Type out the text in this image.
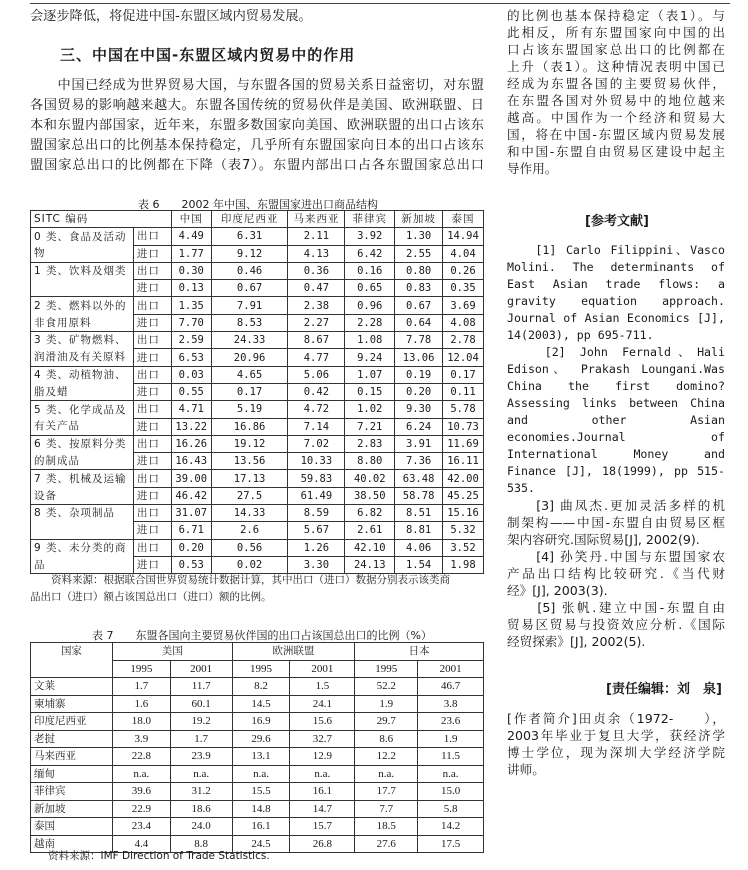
会逐步降低，将促进中国-东盟区域内贸易发展。
三、中国在中国-东盟区域内贸易中的作用
　　中国已经成为世界贸易大国，与东盟各国的贸易关系日益密切，对东盟
各国贸易的影响越来越大。东盟各国传统的贸易伙伴是美国、欧洲联盟、日
本和东盟内部国家，近年来，东盟多数国家向美国、欧洲联盟的出口占该东
盟国家总出口的比例基本保持稳定，几乎所有东盟国家向日本的出口占该东
盟国家总出口的比例都在下降（表7）。东盟内部出口占各东盟国家总出口
表 6　　2002 年中国、东盟国家进出口商品结构
SITC 编码		中国	印度尼西亚	马来西亚	菲律宾	新加坡	泰国
0 类、食品及活动	出口	4.49	6.31	2.11	3.92	1.30	14.94
物	进口	1.77	9.12	4.13	6.42	2.55	4.04
1 类、饮料及烟类	出口	0.30	0.46	0.36	0.16	0.80	0.26
	进口	0.13	0.67	0.47	0.65	0.83	0.35
2 类、燃料以外的	出口	1.35	7.91	2.38	0.96	0.67	3.69
非食用原料	进口	7.70	8.53	2.27	2.28	0.64	4.08
3 类、矿物燃料、	出口	2.59	24.33	8.67	1.08	7.78	2.78
润滑油及有关原料	进口	6.53	20.96	4.77	9.24	13.06	12.04
4 类、动植物油、	出口	0.03	4.65	5.06	1.07	0.19	0.17
脂及蜡	进口	0.55	0.17	0.42	0.15	0.20	0.11
5 类、化学成品及	出口	4.71	5.19	4.72	1.02	9.30	5.78
有关产品	进口	13.22	16.86	7.14	7.21	6.24	10.73
6 类、按原料分类	出口	16.26	19.12	7.02	2.83	3.91	11.69
的制成品	进口	16.43	13.56	10.33	8.80	7.36	16.11
7 类、机械及运输	出口	39.00	17.13	59.83	40.02	63.48	42.00
设备	进口	46.42	27.5	61.49	38.50	58.78	45.25
8 类、杂项制品	出口	31.07	14.33	8.59	6.82	8.51	15.16
	进口	6.71	2.6	5.67	2.61	8.81	5.32
9 类、未分类的商	出口	0.20	0.56	1.26	42.10	4.06	3.52
品	进口	0.53	0.02	3.30	24.13	1.54	1.98
　　资料来源：根据联合国世界贸易统计数据计算，其中出口（进口）数据分别表示该类商
品出口（进口）额占该国总出口（进口）额的比例。
表 7　　东盟各国向主要贸易伙伴国的出口占该国总出口的比例（%）
国家	美国		欧洲联盟		日本	
	1995	2001	1995	2001	1995	2001
文莱	1.7	11.7	8.2	1.5	52.2	46.7
柬埔寨	1.6	60.1	14.5	24.1	1.9	3.8
印度尼西亚	18.0	19.2	16.9	15.6	29.7	23.6
老挝	3.9	1.7	29.6	32.7	8.6	1.9
马来西亚	22.8	23.9	13.1	12.9	12.2	11.5
缅甸	n.a.	n.a.	n.a.	n.a.	n.a.	n.a.
菲律宾	39.6	31.2	15.5	16.1	17.7	15.0
新加坡	22.9	18.6	14.8	14.7	7.7	5.8
泰国	23.4	24.0	16.1	15.7	18.5	14.2
越南	4.4	8.8	24.5	26.8	27.6	17.5
资料来源：IMF Direction of Trade Statistics.
的比例也基本保持稳定（表1）。与
此相反，所有东盟国家向中国的出
口占该东盟国家总出口的比例都在
上升（表1）。这种情况表明中国已
经成为东盟各国的主要贸易伙伴，
在东盟各国对外贸易中的地位越来
越高。中国作为一个经济和贸易大
国，将在中国-东盟区域内贸易发展
和中国-东盟自由贸易区建设中起主
导作用。
[参考文献]
　　[1] Carlo Filippini、Vasco
Molini. The determinants of
East Asian trade flows: a
gravity equation approach.
Journal of Asian Economics [J],
14(2003), pp 695-711.
　　[2] John Fernald、Hali
Edison、 Prakash Loungani.Was
China the first domino?
Assessing links between China
and other Asian
economies.Journal of
International Money and
Finance [J], 18(1999), pp 515-
535.
　　[3] 曲凤杰.更加灵活多样的机
制架构——中国-东盟自由贸易区框
架内容研究.国际贸易[J], 2002(9).
　　[4] 孙笑丹.中国与东盟国家农
产品出口结构比较研究.《当代财
经》[J], 2003(3).
　　[5] 张帆.建立中国-东盟自由
贸易区贸易与投资效应分析.《国际
经贸探索》[J], 2002(5).
[责任编辑：刘　泉]
[作者简介]田贞余（1972-　　），
2003年毕业于复旦大学，获经济学
博士学位，现为深圳大学经济学院
讲师。
